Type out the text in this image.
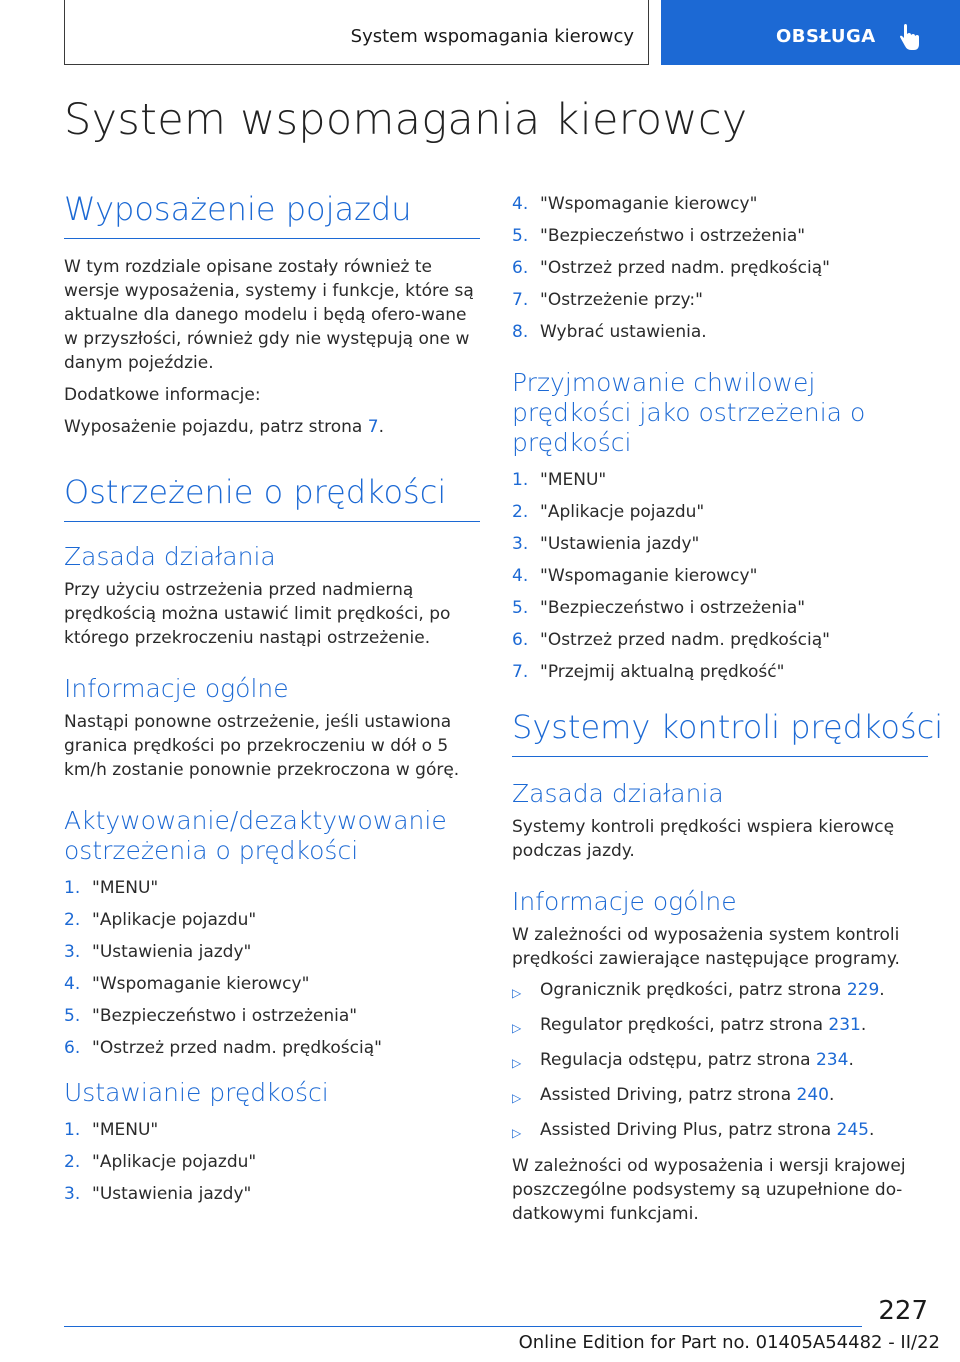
System wspomagania kierowcy	OBSŁUGA
System wspomagania kierowcy
Wyposażenie pojazdu

W tym rozdziale opisane zostały również te wersje wyposażenia, systemy i funkcje, które są aktualne dla danego modelu i będą ofero‐wane w przyszłości, również gdy nie występują one w danym pojeździe.

Dodatkowe informacje:

Wyposażenie pojazdu, patrz strona 7.

Ostrzeżenie o prędkości
Zasada działania

Przy użyciu ostrzeżenia przed nadmierną prędkością można ustawić limit prędkości, po którego przekroczeniu nastąpi ostrzeżenie.

Informacje ogólne

Nastąpi ponowne ostrzeżenie, jeśli ustawiona granica prędkości po przekroczeniu w dół o 5 km/h zostanie ponownie przekroczona w górę.

Aktywowanie/dezaktywowanie ostrzeżenia o prędkości
1. "MENU"
2. "Aplikacje pojazdu"
3. "Ustawienia jazdy"
4. "Wspomaganie kierowcy"
5. "Bezpieczeństwo i ostrzeżenia"
6. "Ostrzeż przed nadm. prędkością"
Ustawianie prędkości
1. "MENU"
2. "Aplikacje pojazdu"
3. "Ustawienia jazdy"
4. "Wspomaganie kierowcy"
5. "Bezpieczeństwo i ostrzeżenia"
6. "Ostrzeż przed nadm. prędkością"
7. "Ostrzeżenie przy:"
8. Wybrać ustawienia.
Przyjmowanie chwilowej prędkości jako ostrzeżenia o prędkości
1. "MENU"
2. "Aplikacje pojazdu"
3. "Ustawienia jazdy"
4. "Wspomaganie kierowcy"
5. "Bezpieczeństwo i ostrzeżenia"
6. "Ostrzeż przed nadm. prędkością"
7. "Przejmij aktualną prędkość"
Systemy kontroli prędkości
Zasada działania

Systemy kontroli prędkości wspiera kierowcę podczas jazdy.

Informacje ogólne

W zależności od wyposażenia system kontroli prędkości zawierające następujące programy.

▷	Ogranicznik prędkości, patrz strona 229.
▷	Regulator prędkości, patrz strona 231.
▷	Regulacja odstępu, patrz strona 234.
▷	Assisted Driving, patrz strona 240.
▷	Assisted Driving Plus, patrz strona 245.

W zależności od wyposażenia i wersji krajowej poszczególne podsystemy są uzupełnione do‐datkowymi funkcjami.

227
Online Edition for Part no. 01405A54482 - II/22
